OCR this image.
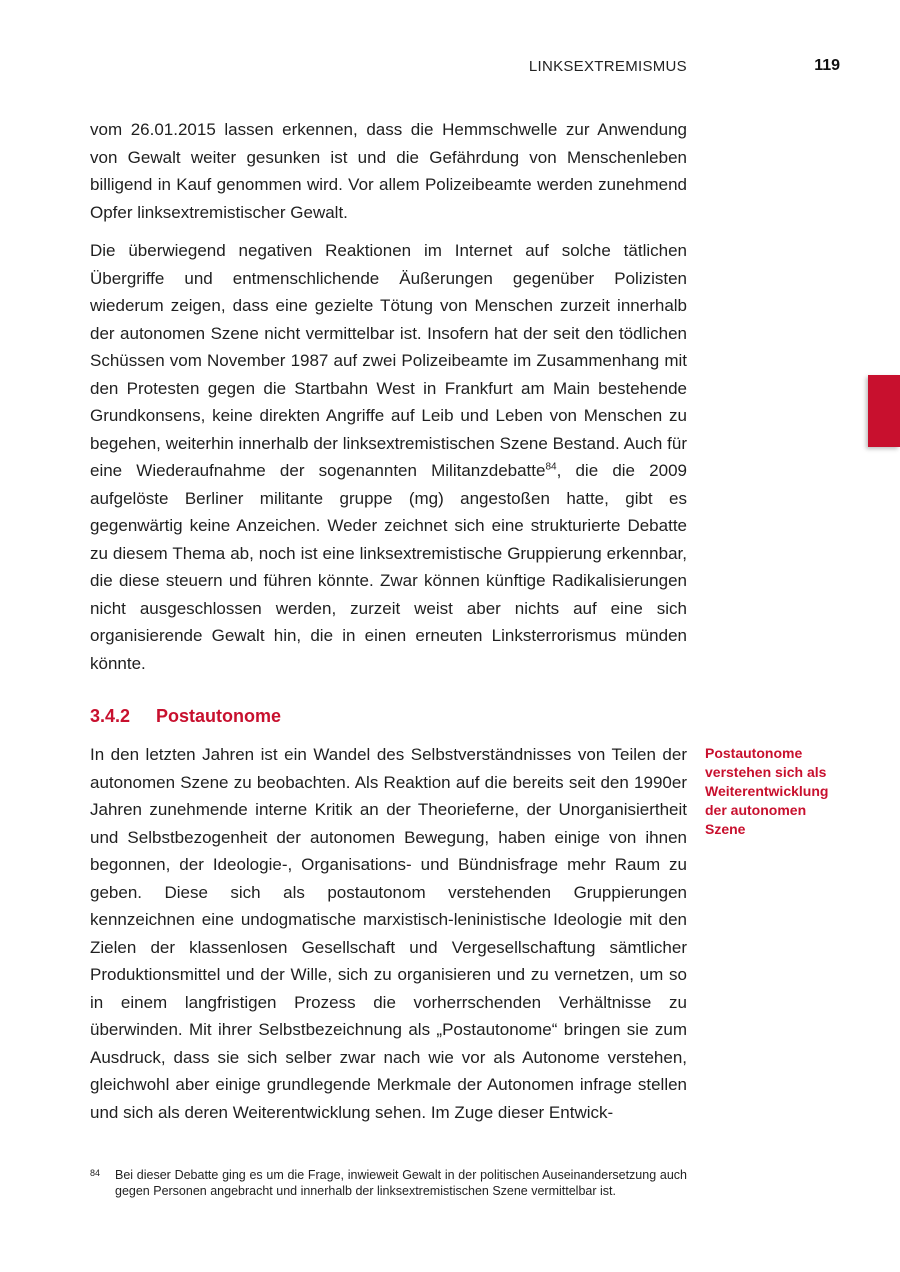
LINKSEXTREMISMUS	119

vom 26.01.2015 lassen erkennen, dass die Hemmschwelle zur Anwendung von Gewalt weiter gesunken ist und die Gefährdung von Menschenleben billigend in Kauf genommen wird. Vor allem Polizeibeamte werden zunehmend Opfer linksextremistischer Gewalt.

Die überwiegend negativen Reaktionen im Internet auf solche tätlichen Übergriffe und entmenschlichende Äußerungen gegenüber Polizisten wiederum zeigen, dass eine gezielte Tötung von Menschen zurzeit innerhalb der autonomen Szene nicht vermittelbar ist. Insofern hat der seit den tödlichen Schüssen vom November 1987 auf zwei Polizeibeamte im Zusammenhang mit den Protesten gegen die Startbahn West in Frankfurt am Main bestehende Grundkonsens, keine direkten Angriffe auf Leib und Leben von Menschen zu begehen, weiterhin innerhalb der linksextremistischen Szene Bestand. Auch für eine Wiederaufnahme der sogenannten Militanzdebatte$^{84}$, die die 2009 aufgelöste Berliner militante gruppe (mg) angestoßen hatte, gibt es gegenwärtig keine Anzeichen. Weder zeichnet sich eine strukturierte Debatte zu diesem Thema ab, noch ist eine linksextremistische Gruppierung erkennbar, die diese steuern und führen könnte. Zwar können künftige Radikalisierungen nicht ausgeschlossen werden, zurzeit weist aber nichts auf eine sich organisierende Gewalt hin, die in einen erneuten Linksterrorismus münden könnte.

3.4.2 Postautonome
Postautonome verstehen sich als Weiterentwicklung der autonomen Szene

In den letzten Jahren ist ein Wandel des Selbstverständnisses von Teilen der autonomen Szene zu beobachten. Als Reaktion auf die bereits seit den 1990er Jahren zunehmende interne Kritik an der Theorieferne, der Unorganisiertheit und Selbstbezogenheit der autonomen Bewegung, haben einige von ihnen begonnen, der Ideologie-, Organisations- und Bündnisfrage mehr Raum zu geben. Diese sich als postautonom verstehenden Gruppierungen kennzeichnen eine undogmatische marxistisch-leninistische Ideologie mit den Zielen der klassenlosen Gesellschaft und Vergesellschaftung sämtlicher Produktionsmittel und der Wille, sich zu organisieren und zu vernetzen, um so in einem langfristigen Prozess die vorherrschenden Verhältnisse zu überwinden. Mit ihrer Selbstbezeichnung als „Postautonome“ bringen sie zum Ausdruck, dass sie sich selber zwar nach wie vor als Autonome verstehen, gleichwohl aber einige grundlegende Merkmale der Autonomen infrage stellen und sich als deren Weiterentwicklung sehen. Im Zuge dieser Entwick-

84 Bei dieser Debatte ging es um die Frage, inwieweit Gewalt in der politischen Auseinandersetzung auch gegen Personen angebracht und innerhalb der linksextremistischen Szene vermittelbar ist.
